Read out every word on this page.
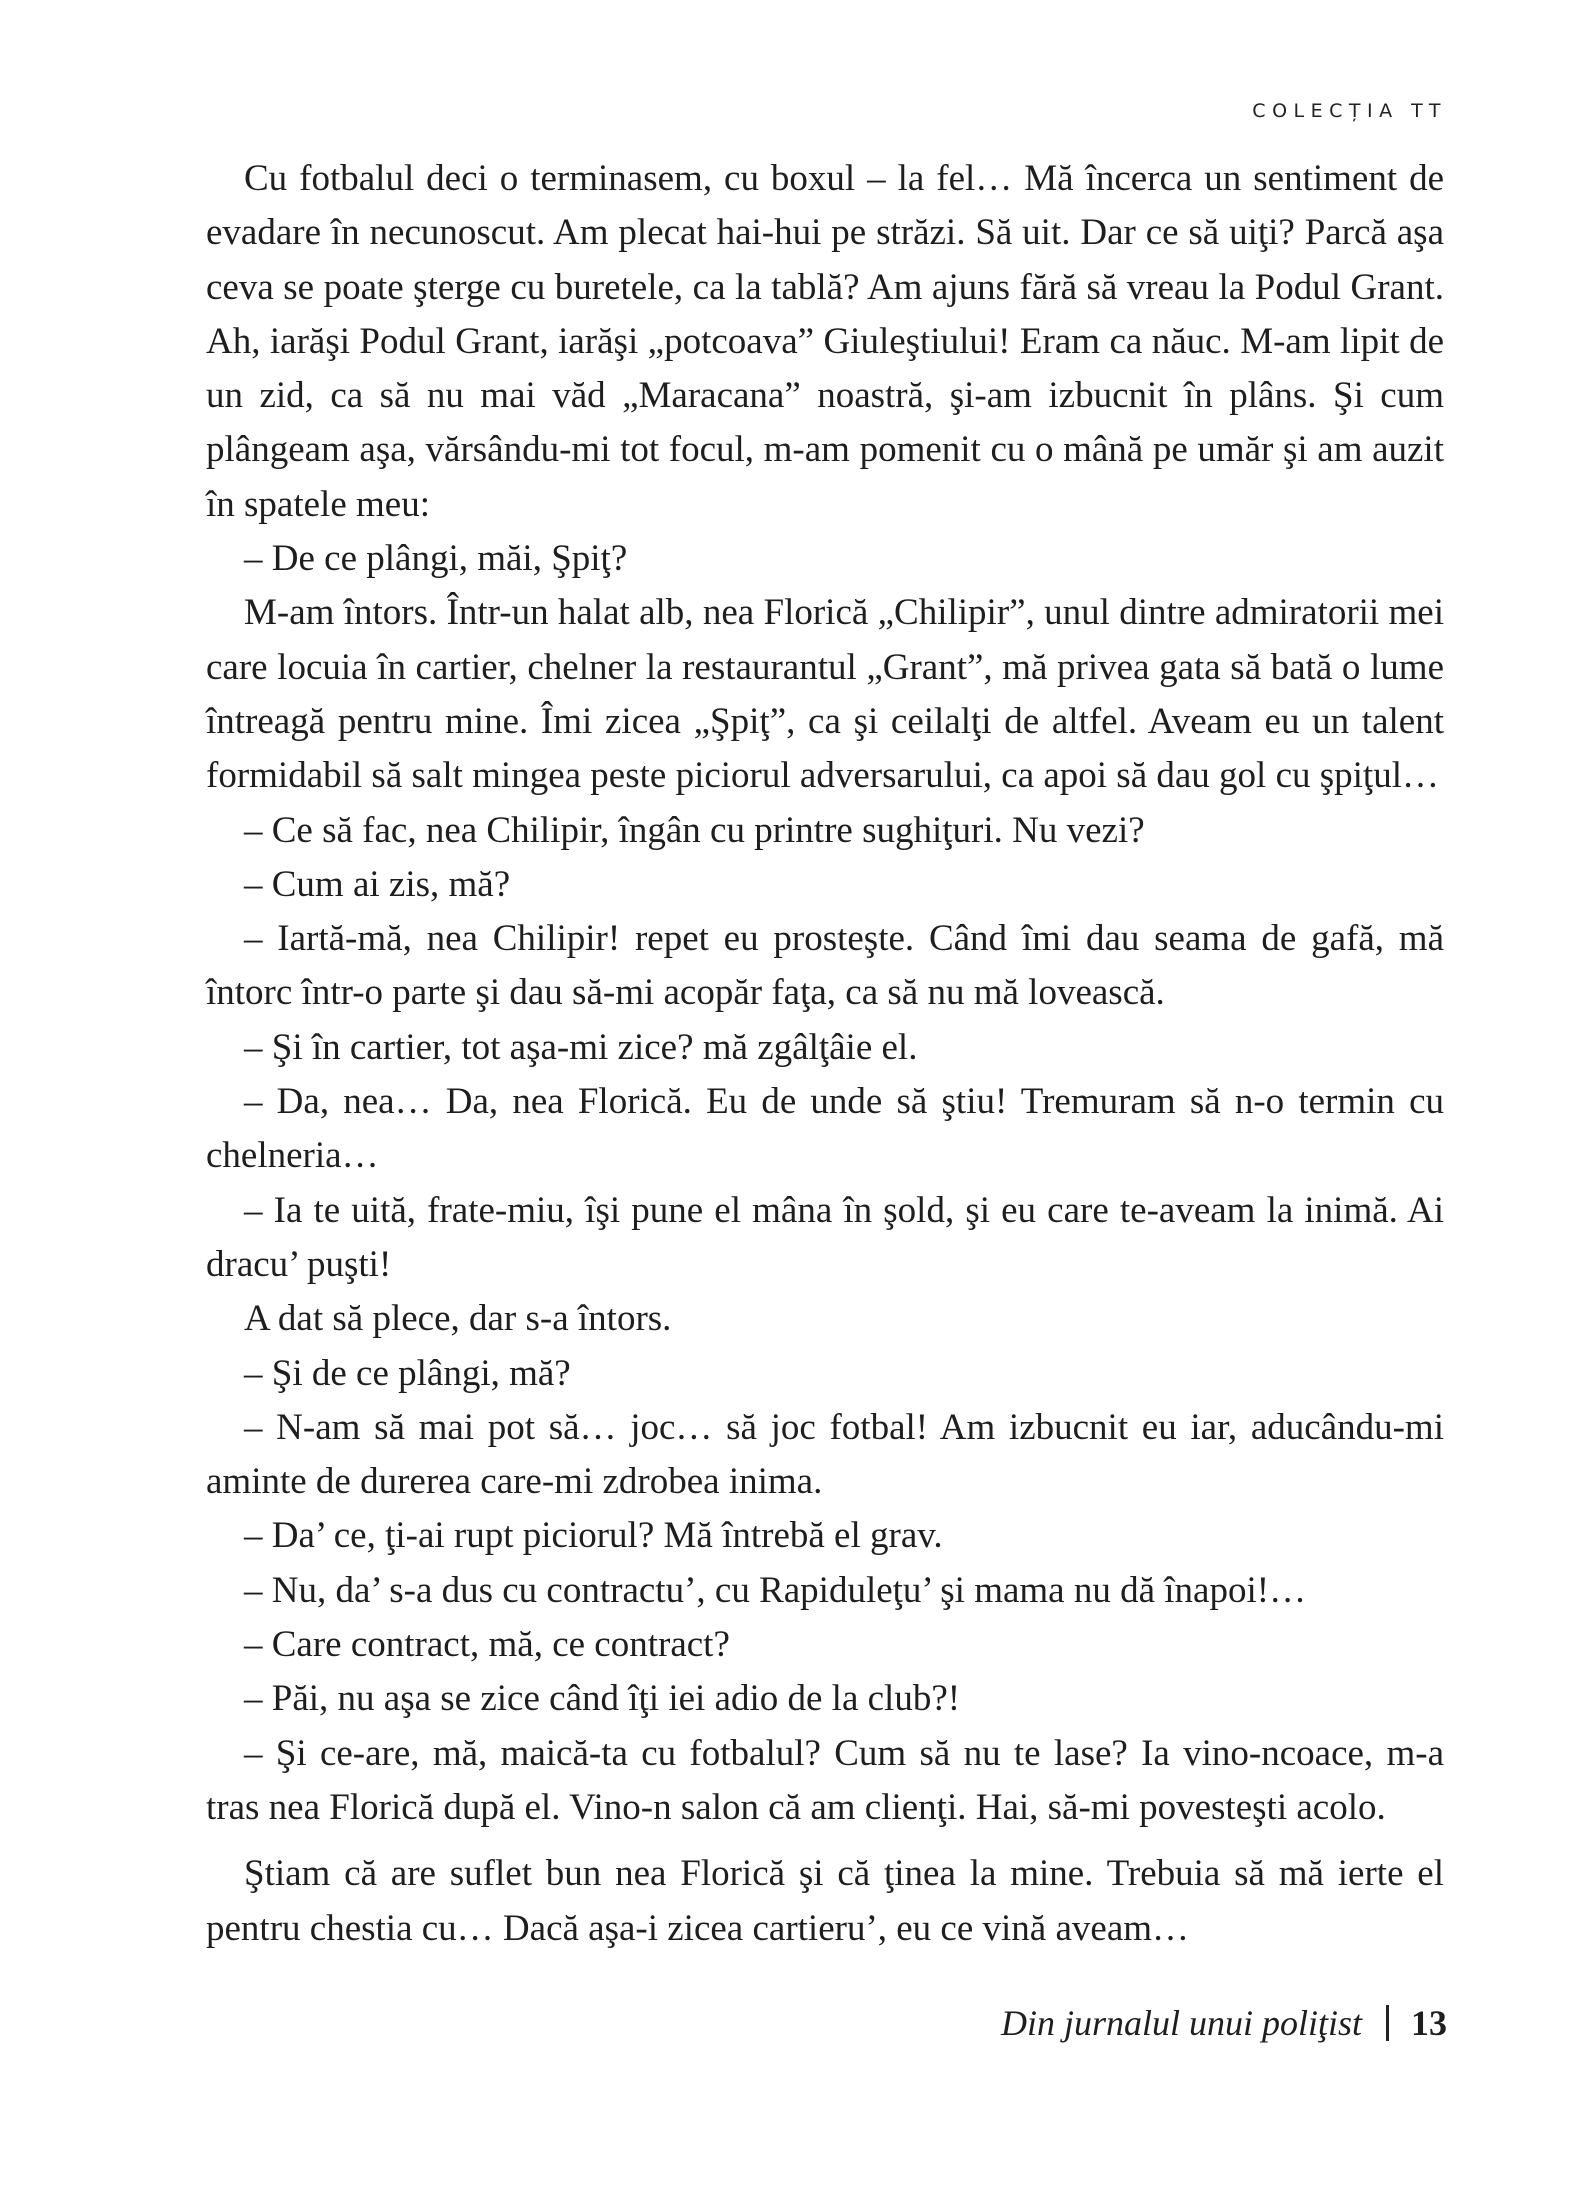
COLECȚIA TT

Cu fotbalul deci o terminasem, cu boxul – la fel… Mă încerca un sentiment de evadare în necunoscut. Am plecat hai-hui pe străzi. Să uit. Dar ce să uiţi? Parcă aşa ceva se poate şterge cu buretele, ca la tablă? Am ajuns fără să vreau la Podul Grant. Ah, iarăşi Podul Grant, iarăşi „potcoava” Giuleştiului! Eram ca năuc. M-am lipit de un zid, ca să nu mai văd „Maracana” noastră, şi-am izbucnit în plâns. Şi cum plângeam aşa, vărsându-mi tot focul, m-am pomenit cu o mână pe umăr şi am auzit în spatele meu:

– De ce plângi, măi, Şpiţ?

M-am întors. Într-un halat alb, nea Florică „Chilipir”, unul dintre admiratorii mei care locuia în cartier, chelner la restaurantul „Grant”, mă privea gata să bată o lume întreagă pentru mine. Îmi zicea „Şpiţ”, ca şi ceilalţi de altfel. Aveam eu un talent formidabil să salt mingea peste piciorul adversarului, ca apoi să dau gol cu şpiţul…

– Ce să fac, nea Chilipir, îngân cu printre sughiţuri. Nu vezi?

– Cum ai zis, mă?

– Iartă-mă, nea Chilipir! repet eu prosteşte. Când îmi dau seama de gafă, mă întorc într-o parte şi dau să-mi acopăr faţa, ca să nu mă lovească.

– Şi în cartier, tot aşa-mi zice? mă zgâlţâie el.

– Da, nea… Da, nea Florică. Eu de unde să ştiu! Tremuram să n-o termin cu chelneria…

– Ia te uită, frate-miu, îşi pune el mâna în şold, şi eu care te-aveam la inimă. Ai dracu’ puşti!

A dat să plece, dar s-a întors.

– Şi de ce plângi, mă?

– N-am să mai pot să… joc… să joc fotbal! Am izbucnit eu iar, aducându-mi aminte de durerea care-mi zdrobea inima.

– Da’ ce, ţi-ai rupt piciorul? Mă întrebă el grav.

– Nu, da’ s-a dus cu contractu’, cu Rapiduleţu’ şi mama nu dă înapoi!…

– Care contract, mă, ce contract?

– Păi, nu aşa se zice când îţi iei adio de la club?!

– Şi ce-are, mă, maică-ta cu fotbalul? Cum să nu te lase? Ia vino-ncoace, m-a tras nea Florică după el. Vino-n salon că am clienţi. Hai, să-mi povesteşti acolo.

Ştiam că are suflet bun nea Florică şi că ţinea la mine. Trebuia să mă ierte el pentru chestia cu… Dacă aşa-i zicea cartieru’, eu ce vină aveam…

Din jurnalul unui poliţist 13
